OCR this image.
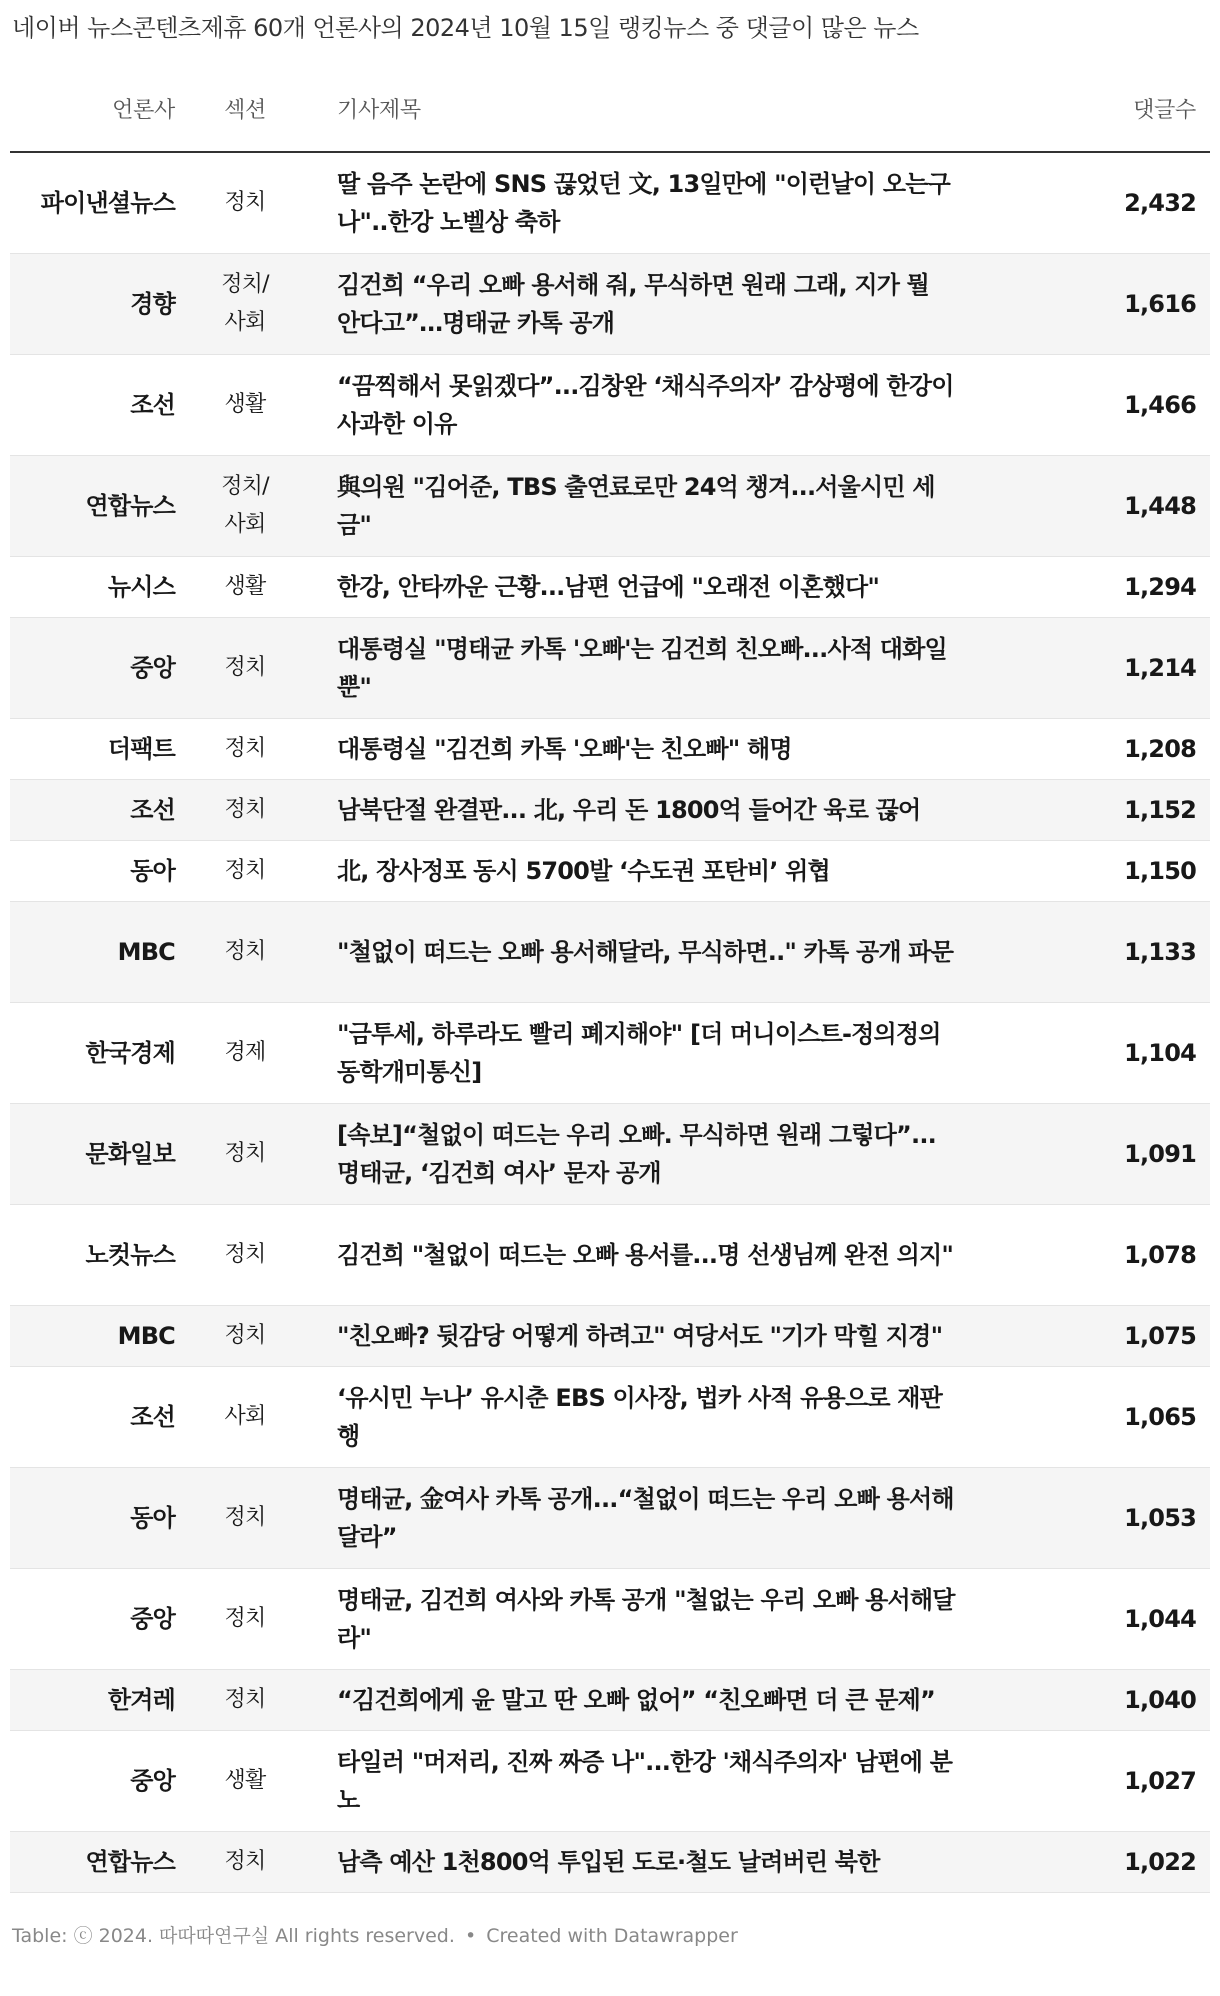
네이버 뉴스콘텐츠제휴 60개 언론사의 2024년 10월 15일 랭킹뉴스 중 댓글이 많은 뉴스
언론사	섹션	기사제목	댓글수
파이낸셜뉴스	정치	딸 음주 논란에 SNS 끊었던 文, 13일만에 "이런날이 오는구나"..한강 노벨상 축하	2,432
경향	정치/사회	김건희 “우리 오빠 용서해 줘, 무식하면 원래 그래, 지가 뭘 안다고”…명태균 카톡 공개	1,616
조선	생활	“끔찍해서 못읽겠다”...김창완 ‘채식주의자’ 감상평에 한강이 사과한 이유	1,466
연합뉴스	정치/사회	與의원 "김어준, TBS 출연료로만 24억 챙겨...서울시민 세금"	1,448
뉴시스	생활	한강, 안타까운 근황...남편 언급에 "오래전 이혼했다"	1,294
중앙	정치	대통령실 "명태균 카톡 '오빠'는 김건희 친오빠...사적 대화일 뿐"	1,214
더팩트	정치	대통령실 "김건희 카톡 '오빠'는 친오빠" 해명	1,208
조선	정치	남북단절 완결판... 北, 우리 돈 1800억 들어간 육로 끊어	1,152
동아	정치	北, 장사정포 동시 5700발 ‘수도권 포탄비’ 위협	1,150
MBC	정치	"철없이 떠드는 오빠 용서해달라, 무식하면.." 카톡 공개 파문	1,133
한국경제	경제	"금투세, 하루라도 빨리 폐지해야" [더 머니이스트-정의정의 동학개미통신]	1,104
문화일보	정치	[속보]“철없이 떠드는 우리 오빠. 무식하면 원래 그렇다”...명태균, ‘김건희 여사’ 문자 공개	1,091
노컷뉴스	정치	김건희 "철없이 떠드는 오빠 용서를...명 선생님께 완전 의지"	1,078
MBC	정치	"친오빠? 뒷감당 어떻게 하려고" 여당서도 "기가 막힐 지경"	1,075
조선	사회	‘유시민 누나’ 유시춘 EBS 이사장, 법카 사적 유용으로 재판행	1,065
동아	정치	명태균, 金여사 카톡 공개...“철없이 떠드는 우리 오빠 용서해달라”	1,053
중앙	정치	명태균, 김건희 여사와 카톡 공개 "철없는 우리 오빠 용서해달라"	1,044
한겨레	정치	“김건희에게 윤 말고 딴 오빠 없어” “친오빠면 더 큰 문제”	1,040
중앙	생활	타일러 "머저리, 진짜 짜증 나"...한강 '채식주의자' 남편에 분노	1,027
연합뉴스	정치	남측 예산 1천800억 투입된 도로·철도 날려버린 북한	1,022
Table: ⓒ 2024. 따따따연구실 All rights reserved. • Created with Datawrapper
